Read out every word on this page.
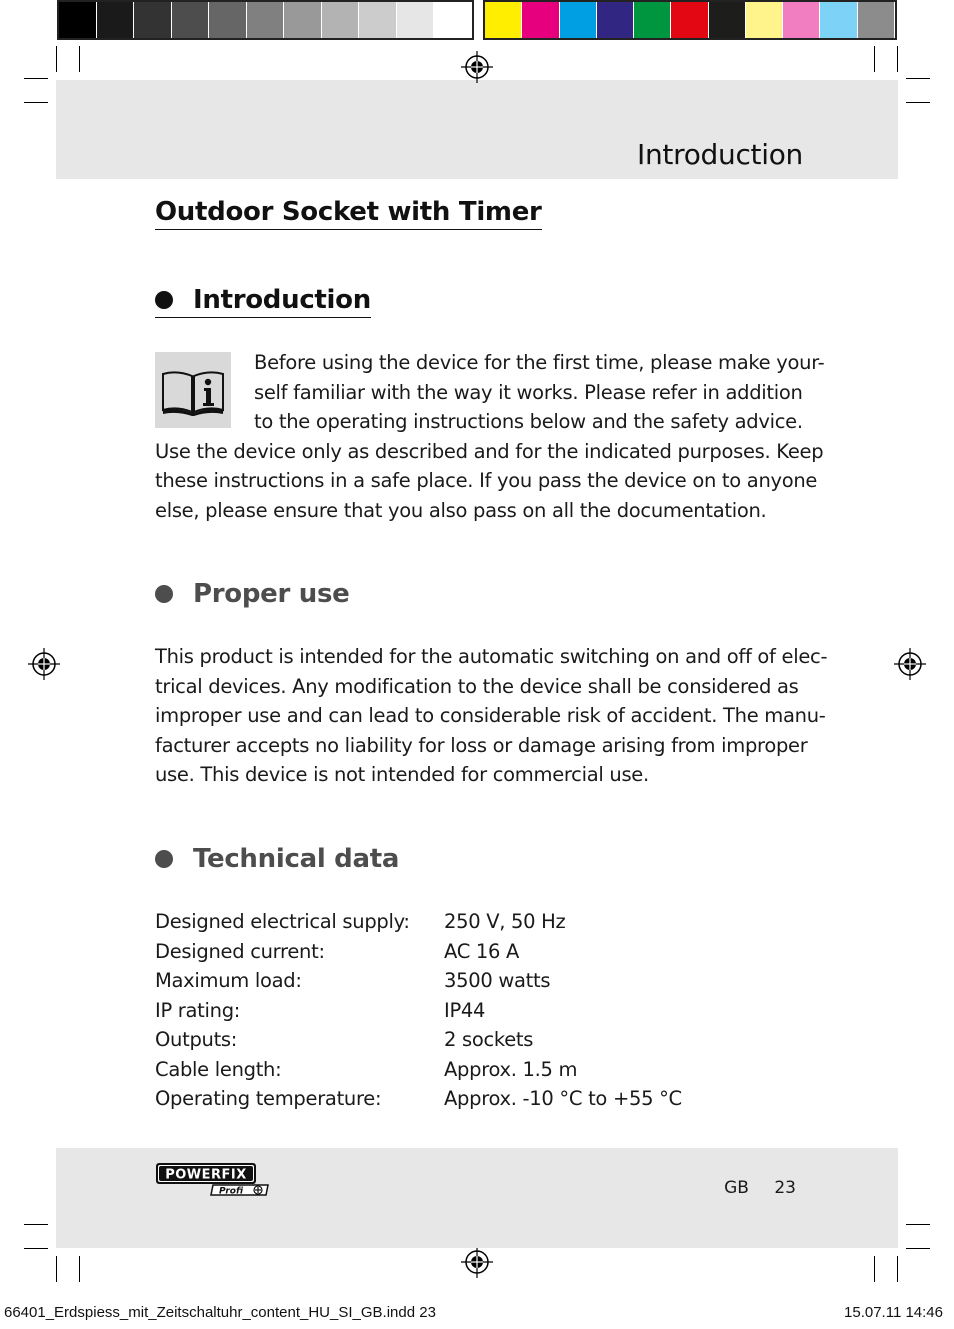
Introduction
Outdoor Socket with Timer
Introduction
Before using the device for the first time, please make your-
self familiar with the way it works. Please refer in addition
to the operating instructions below and the safety advice.
Use the device only as described and for the indicated purposes. Keep
these instructions in a safe place. If you pass the device on to anyone
else, please ensure that you also pass on all the documentation.
Proper use
This product is intended for the automatic switching on and off of elec-
trical devices. Any modification to the device shall be considered as
improper use and can lead to considerable risk of accident. The manu-
facturer accepts no liability for loss or damage arising from improper
use. This device is not intended for commercial use.
Technical data
Designed electrical supply:	250 V, 50 Hz
Designed current:	AC 16 A
Maximum load:	3500 watts
IP rating:	IP44
Outputs:	2 sockets
Cable length:	Approx. 1.5 m
Operating temperature:	Approx. -10 °C to +55 °C
POWERFIX
Profi	GB 23
66401_Erdspiess_mit_Zeitschaltuhr_content_HU_SI_GB.indd 23	15.07.11 14:46
